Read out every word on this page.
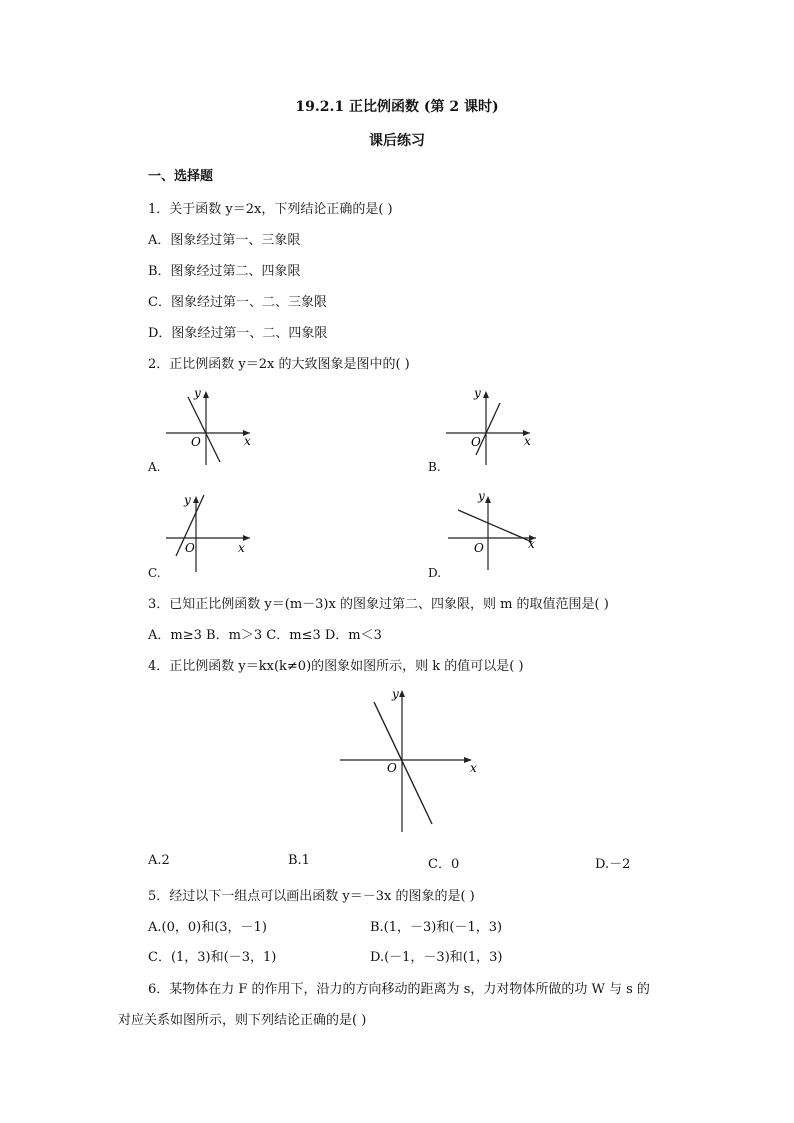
19.2.1 正比例函数 (第 2 课时)
课后练习
一、选择题
1．关于函数 y＝2x，下列结论正确的是( )
A．图象经过第一、三象限
B．图象经过第二、四象限
C．图象经过第一、二、三象限
D．图象经过第一、二、四象限
2．正比例函数 y＝2x 的大致图象是图中的( )
y
x
O
A.
y
x
O
B.
y
x
O
C.
y
x
O
D.
3．已知正比例函数 y＝(m－3)x 的图象过第二、四象限，则 m 的取值范围是( )
A．m≥3 B．m＞3 C．m≤3 D．m＜3
4．正比例函数 y＝kx(k≠0)的图象如图所示，则 k 的值可以是( )
y
x
O
A.2	B.1	C．0	D.－2
5．经过以下一组点可以画出函数 y＝－3x 的图象的是( )
A.(0，0)和(3，－1)	B.(1，－3)和(－1，3)
C．(1，3)和(－3，1)	D.(－1，－3)和(1，3)
6．某物体在力 F 的作用下，沿力的方向移动的距离为 s，力对物体所做的功 W 与 s 的
对应关系如图所示，则下列结论正确的是( )
